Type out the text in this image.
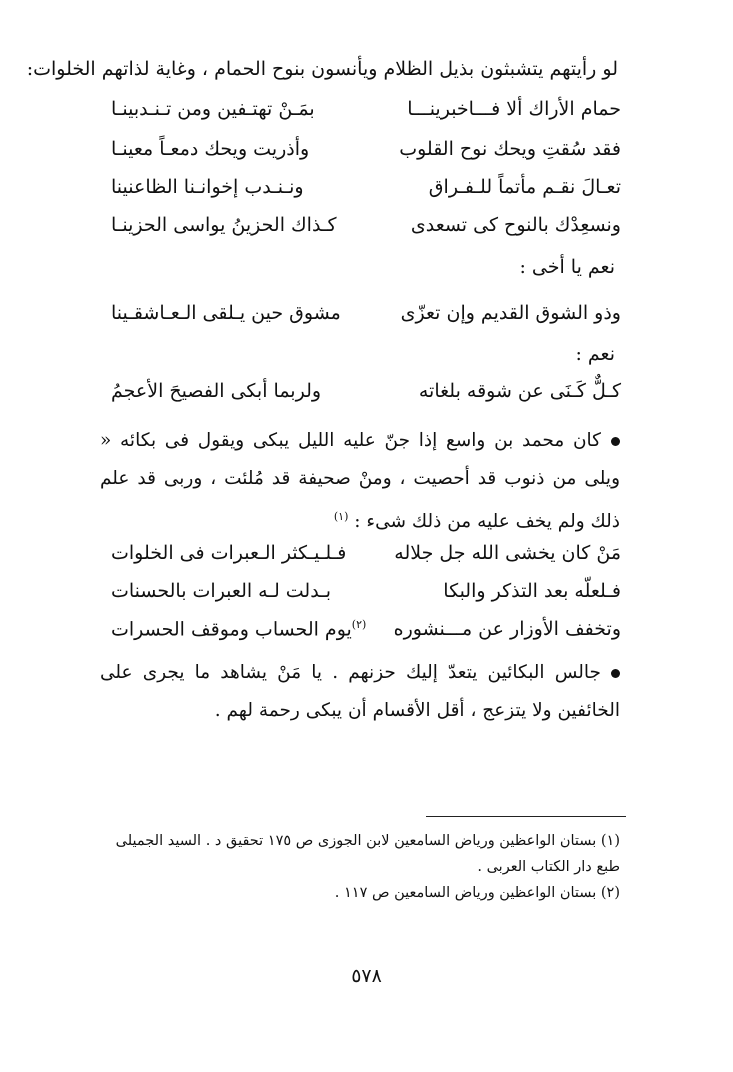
لو رأيتهم يتشبثون بذيل الظلام ويأنسون بنوح الحمام ، وغاية لذاتهم الخلوات:
حمام الأراك ألا فـــاخبرينـــا
بمَـنْ تهتـفين ومن تـنـدبينـا
فقد سُقتِ ويحك نوح القلوب
وأذريت ويحك دمعـاً معينـا
تعـالَ نقـم مأتماً للـفـراق
ونـنـدب إخوانـنا الظاعنينا
ونسعِدْك بالنوح كى تسعدى
كـذاك الحزينُ يواسى الحزينـا
نعم يا أخى :
وذو الشوق القديم وإن تعزّى
مشوق حين يـلقى الـعـاشقـينا
نعم :
كـلٌّ كَـنَى عن شوقه بلغاته
ولربما أبكى الفصيحَ الأعجمُ
كان محمد بن واسع إذا جنّ عليه الليل يبكى ويقول فى بكائه « ويلى من ذنوب قد أحصيت ، ومنْ صحيفة قد مُلئت ، وربى قد علم ذلك ولم يخف عليه من ذلك شىء : $^{(١)}$
مَنْ كان يخشى الله جل جلاله
فـلـيـكثر الـعبرات فى الخلوات
فـلعلّه بعد التذكر والبكا
بـدلت لـه العبرات بالحسنات
وتخفف الأوزار عن مـــنشوره
$^{(٢)}$يوم الحساب وموقف الحسرات
جالس البكائين يتعدّ إليك حزنهم . يا مَنْ يشاهد ما يجرى على الخائفين ولا يتزعج ، أقل الأقسام أن يبكى رحمة لهم .
(١) بستان الواعظين ورياض السامعين لابن الجوزى ص ١٧٥ تحقيق د . السيد الجميلى طبع دار الكتاب العربى .
(٢) بستان الواعظين ورياض السامعين ص ١١٧ .
٥٧٨
